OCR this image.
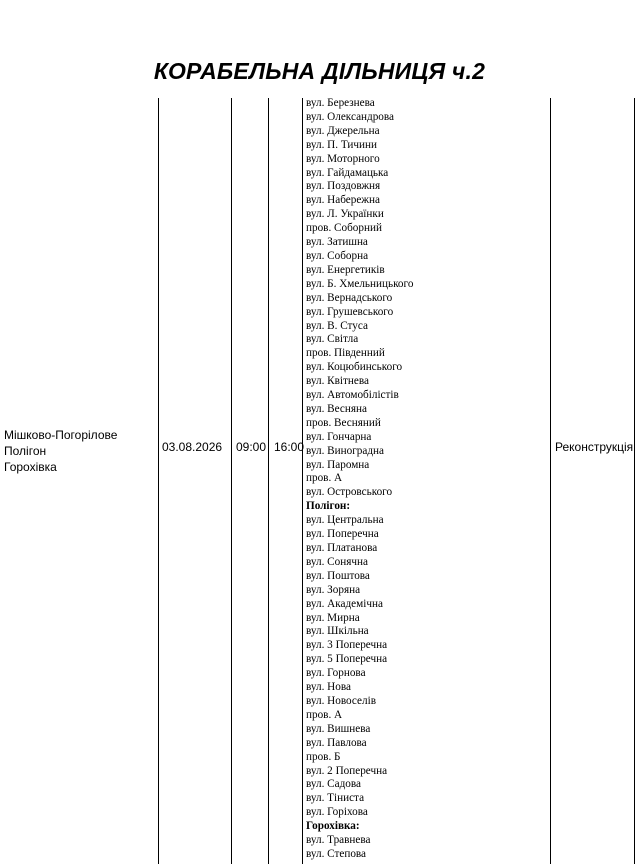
КОРАБЕЛЬНА ДІЛЬНИЦЯ ч.2
Мішково-Погорілове
Полігон
Горохівка
03.08.2026 09:00 16:00	Реконструкція
вул. Березнева
вул. Олександрова
вул. Джерельна
вул. П. Тичини
вул. Моторного
вул. Гайдамацька
вул. Поздовжня
вул. Набережна
вул. Л. Українки
пров. Соборний
вул. Затишна
вул. Соборна
вул. Енергетиків
вул. Б. Хмельницького
вул. Вернадського
вул. Грушевського
вул. В. Стуса
вул. Світла
пров. Південний
вул. Коцюбинського
вул. Квітнева
вул. Автомобілістів
вул. Весняна
пров. Весняний
вул. Гончарна
вул. Виноградна
вул. Паромна
пров. А
вул. Островського
Полігон:
вул. Центральна
вул. Поперечна
вул. Платанова
вул. Сонячна
вул. Поштова
вул. Зоряна
вул. Академічна
вул. Мирна
вул. Шкільна
вул. 3 Поперечна
вул. 5 Поперечна
вул. Горнова
вул. Нова
вул. Новоселів
пров. А
вул. Вишнева
вул. Павлова
пров. Б
вул. 2 Поперечна
вул. Садова
вул. Тіниста
вул. Горіхова
Горохівка:
вул. Травнева
вул. Степова
